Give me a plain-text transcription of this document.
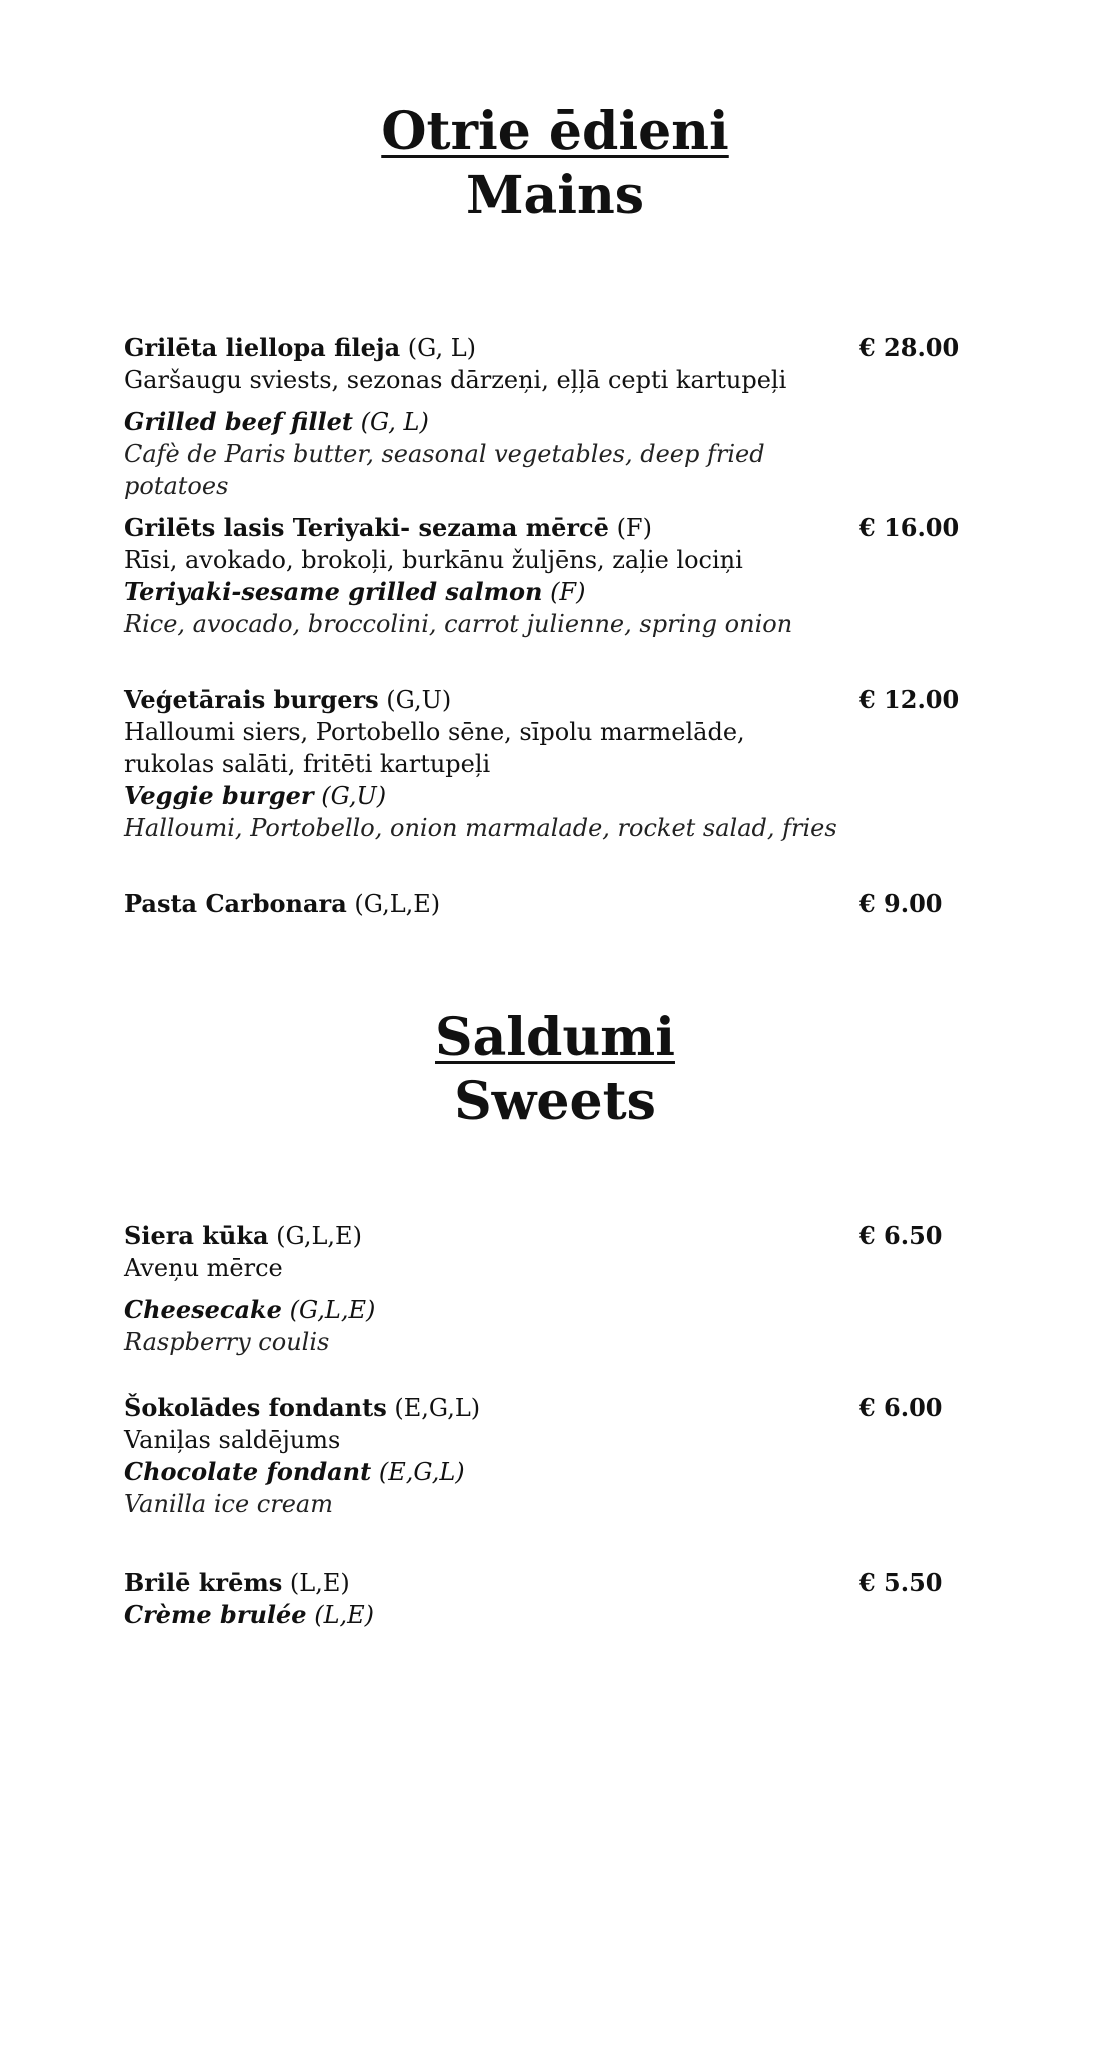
Otrie ēdieni
Mains
Grilēta liellopa fileja (G, L)	€ 28.00
Garšaugu sviests, sezonas dārzeņi, eļļā cepti kartupeļi
Grilled beef fillet (G, L)
Cafè de Paris butter, seasonal vegetables, deep fried potatoes
Grilēts lasis Teriyaki- sezama mērcē (F)	€ 16.00
Rīsi, avokado, brokoļi, burkānu žuljēns, zaļie lociņi
Teriyaki-sesame grilled salmon (F)
Rice, avocado, broccolini, carrot julienne, spring onion
Veģetārais burgers (G,U)	€ 12.00
Halloumi siers, Portobello sēne, sīpolu marmelāde, rukolas salāti, fritēti kartupeļi
Veggie burger (G,U)
Halloumi, Portobello, onion marmalade, rocket salad, fries
Pasta Carbonara (G,L,E)	€ 9.00
Saldumi
Sweets
Siera kūka (G,L,E)	€ 6.50
Aveņu mērce
Cheesecake (G,L,E)
Raspberry coulis
Šokolādes fondants (E,G,L)	€ 6.00
Vaniļas saldējums
Chocolate fondant (E,G,L)
Vanilla ice cream
Brilē krēms (L,E)	€ 5.50
Crème brulée (L,E)
